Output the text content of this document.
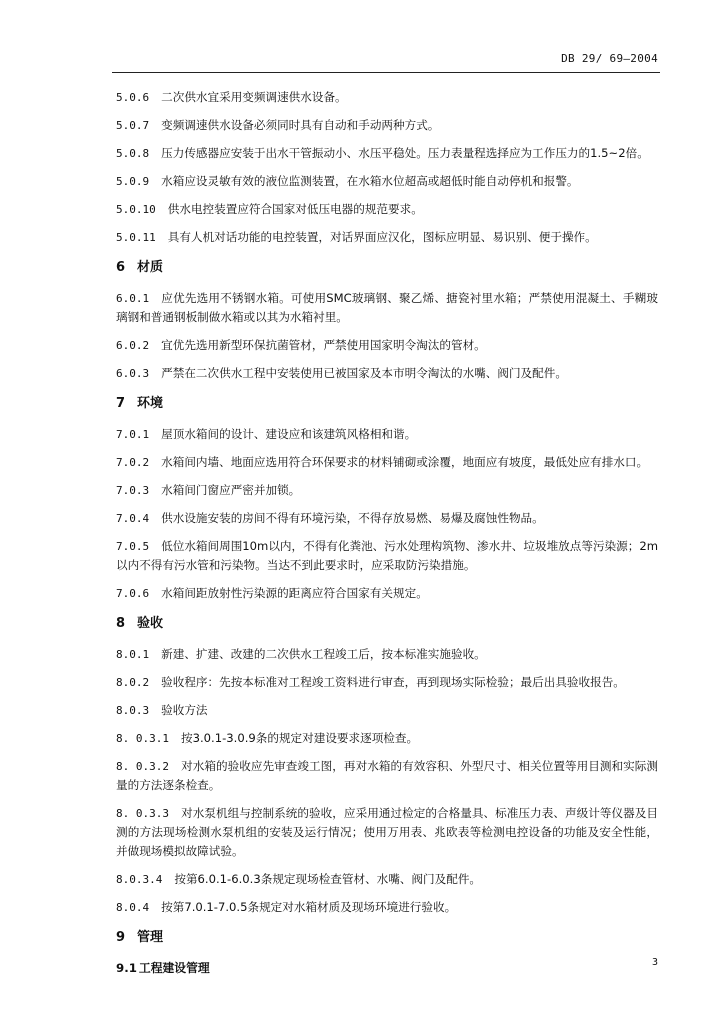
DB 29/ 69—2004
5.0.6 二次供水宜采用变频调速供水设备。
5.0.7 变频调速供水设备必须同时具有自动和手动两种方式。
5.0.8 压力传感器应安装于出水干管振动小、水压平稳处。压力表量程选择应为工作压力的1.5~2倍。
5.0.9 水箱应设灵敏有效的液位监测装置，在水箱水位超高或超低时能自动停机和报警。
5.0.10 供水电控装置应符合国家对低压电器的规范要求。
5.0.11 具有人机对话功能的电控装置，对话界面应汉化，图标应明显、易识别、便于操作。
6 材质
6.0.1 应优先选用不锈钢水箱。可使用SMC玻璃钢、聚乙烯、搪瓷衬里水箱；严禁使用混凝土、手糊玻璃钢和普通钢板制做水箱或以其为水箱衬里。
6.0.2 宜优先选用新型环保抗菌管材，严禁使用国家明令淘汰的管材。
6.0.3 严禁在二次供水工程中安装使用已被国家及本市明令淘汰的水嘴、阀门及配件。
7 环境
7.0.1 屋顶水箱间的设计、建设应和该建筑风格相和谐。
7.0.2 水箱间内墙、地面应选用符合环保要求的材料铺砌或涂覆，地面应有坡度，最低处应有排水口。
7.0.3 水箱间门窗应严密并加锁。
7.0.4 供水设施安装的房间不得有环境污染，不得存放易燃、易爆及腐蚀性物品。
7.0.5 低位水箱间周围10m以内，不得有化粪池、污水处理构筑物、渗水井、垃圾堆放点等污染源；2m以内不得有污水管和污染物。当达不到此要求时，应采取防污染措施。
7.0.6 水箱间距放射性污染源的距离应符合国家有关规定。
8 验收
8.0.1 新建、扩建、改建的二次供水工程竣工后，按本标准实施验收。
8.0.2 验收程序：先按本标准对工程竣工资料进行审查，再到现场实际检验；最后出具验收报告。
8.0.3 验收方法
8. 0.3.1 按3.0.1-3.0.9条的规定对建设要求逐项检查。
8. 0.3.2 对水箱的验收应先审查竣工图，再对水箱的有效容积、外型尺寸、相关位置等用目测和实际测量的方法逐条检查。
8. 0.3.3 对水泵机组与控制系统的验收，应采用通过检定的合格量具、标准压力表、声级计等仪器及目测的方法现场检测水泵机组的安装及运行情况；使用万用表、兆欧表等检测电控设备的功能及安全性能，并做现场模拟故障试验。
8.0.3.4 按第6.0.1-6.0.3条规定现场检查管材、水嘴、阀门及配件。
8.0.4 按第7.0.1-7.0.5条规定对水箱材质及现场环境进行验收。
9 管理
9.1 工程建设管理	3
